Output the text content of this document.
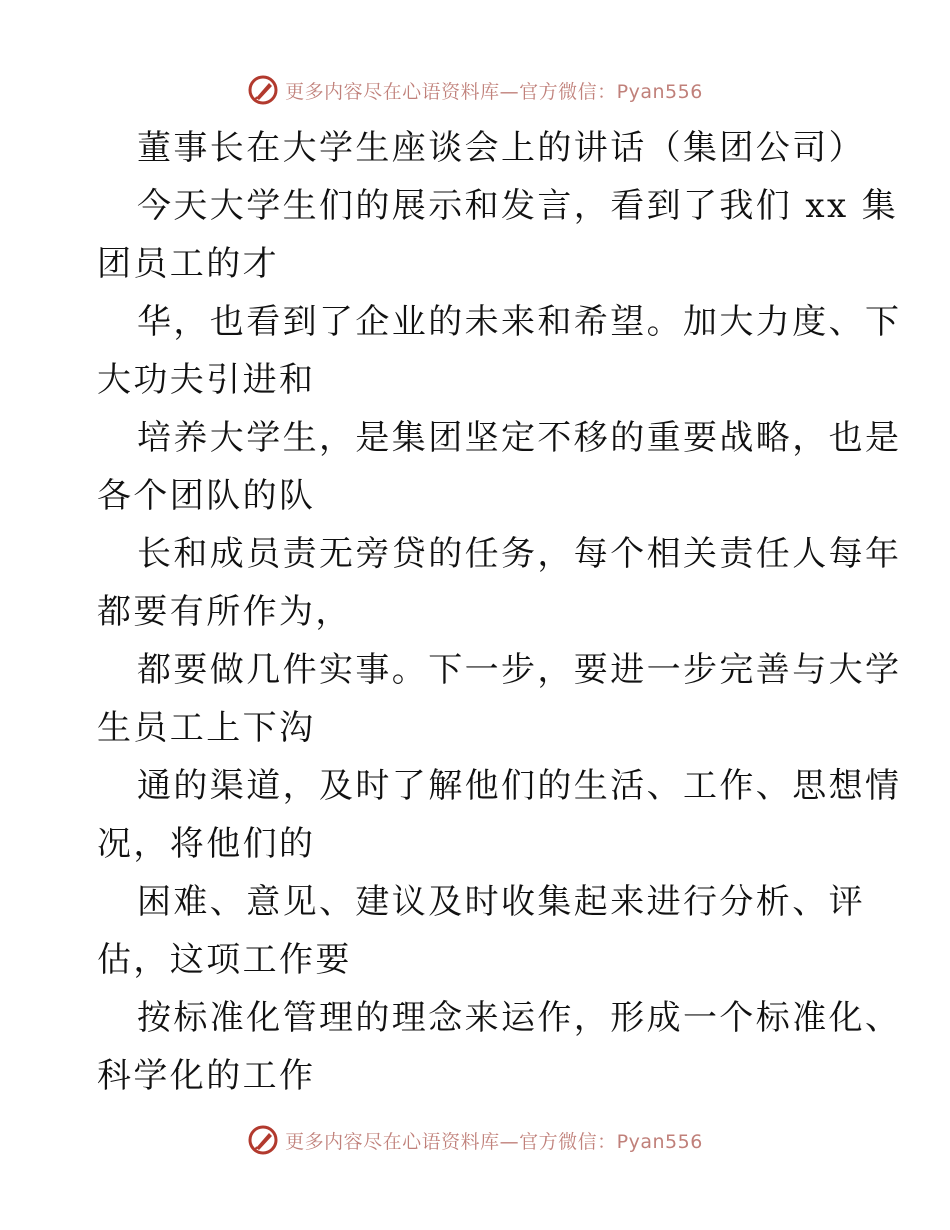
更多内容尽在心语资料库—官方微信：Pyan556
董事长在大学生座谈会上的讲话（集团公司）
今天大学生们的展示和发言，看到了我们 xx 集
团员工的才
华，也看到了企业的未来和希望。加大力度、下
大功夫引进和
培养大学生，是集团坚定不移的重要战略，也是
各个团队的队
长和成员责无旁贷的任务，每个相关责任人每年
都要有所作为，
都要做几件实事。下一步，要进一步完善与大学
生员工上下沟
通的渠道，及时了解他们的生活、工作、思想情
况，将他们的
困难、意见、建议及时收集起来进行分析、评
估，这项工作要
按标准化管理的理念来运作，形成一个标准化、
科学化的工作
更多内容尽在心语资料库—官方微信：Pyan556
